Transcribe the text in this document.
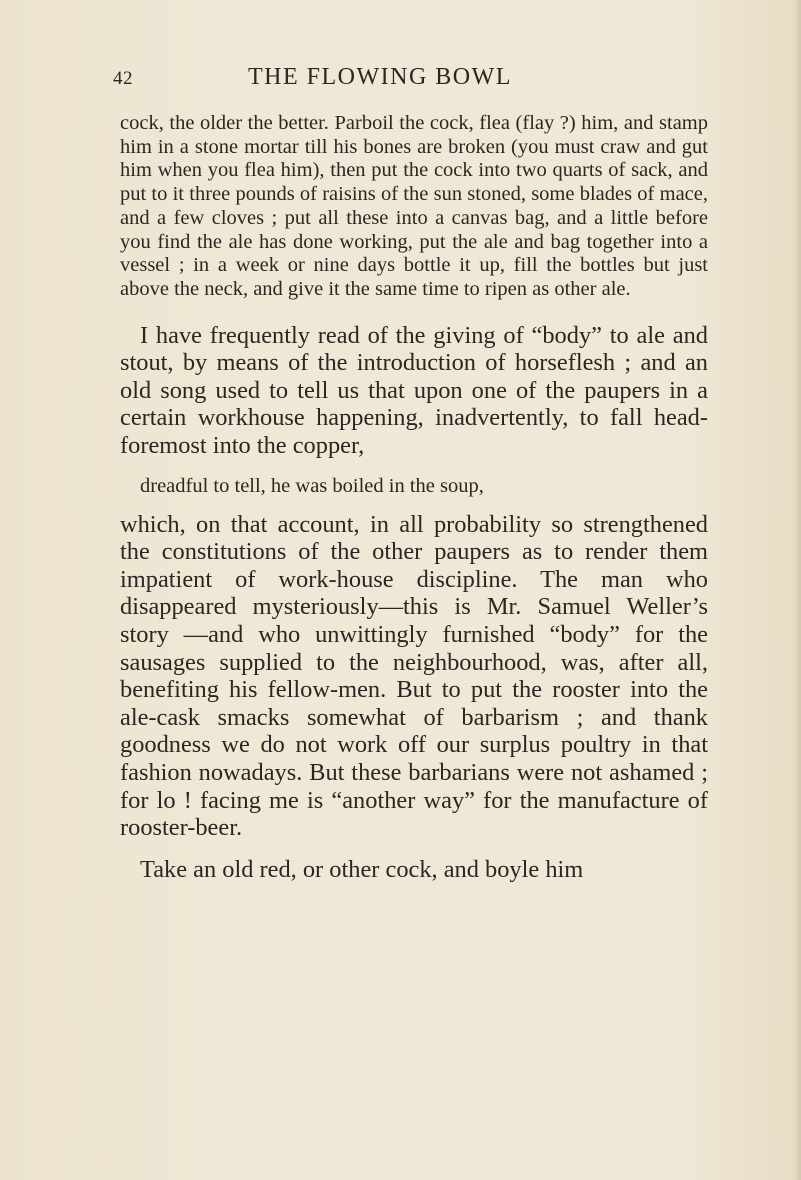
42	THE FLOWING BOWL

cock, the older the better. Parboil the cock, flea (flay ?) him, and stamp him in a stone mortar till his bones are broken (you must craw and gut him when you flea him), then put the cock into two quarts of sack, and put to it three pounds of raisins of the sun stoned, some blades of mace, and a few cloves ; put all these into a canvas bag, and a little before you find the ale has done working, put the ale and bag together into a vessel ; in a week or nine days bottle it up, fill the bottles but just above the neck, and give it the same time to ripen as other ale.

I have frequently read of the giving of “body” to ale and stout, by means of the introduction of horseflesh ; and an old song used to tell us that upon one of the paupers in a certain workhouse happening, inadvertently, to fall head-foremost into the copper,

dreadful to tell, he was boiled in the soup,

which, on that account, in all probability so strengthened the constitutions of the other paupers as to render them impatient of work-house discipline. The man who disappeared mysteriously—this is Mr. Samuel Weller’s story —and who unwittingly furnished “body” for the sausages supplied to the neighbourhood, was, after all, benefiting his fellow-men. But to put the rooster into the ale-cask smacks somewhat of barbarism ; and thank goodness we do not work off our surplus poultry in that fashion nowadays. But these barbarians were not ashamed ; for lo ! facing me is “another way” for the manufacture of rooster-beer.

Take an old red, or other cock, and boyle him
